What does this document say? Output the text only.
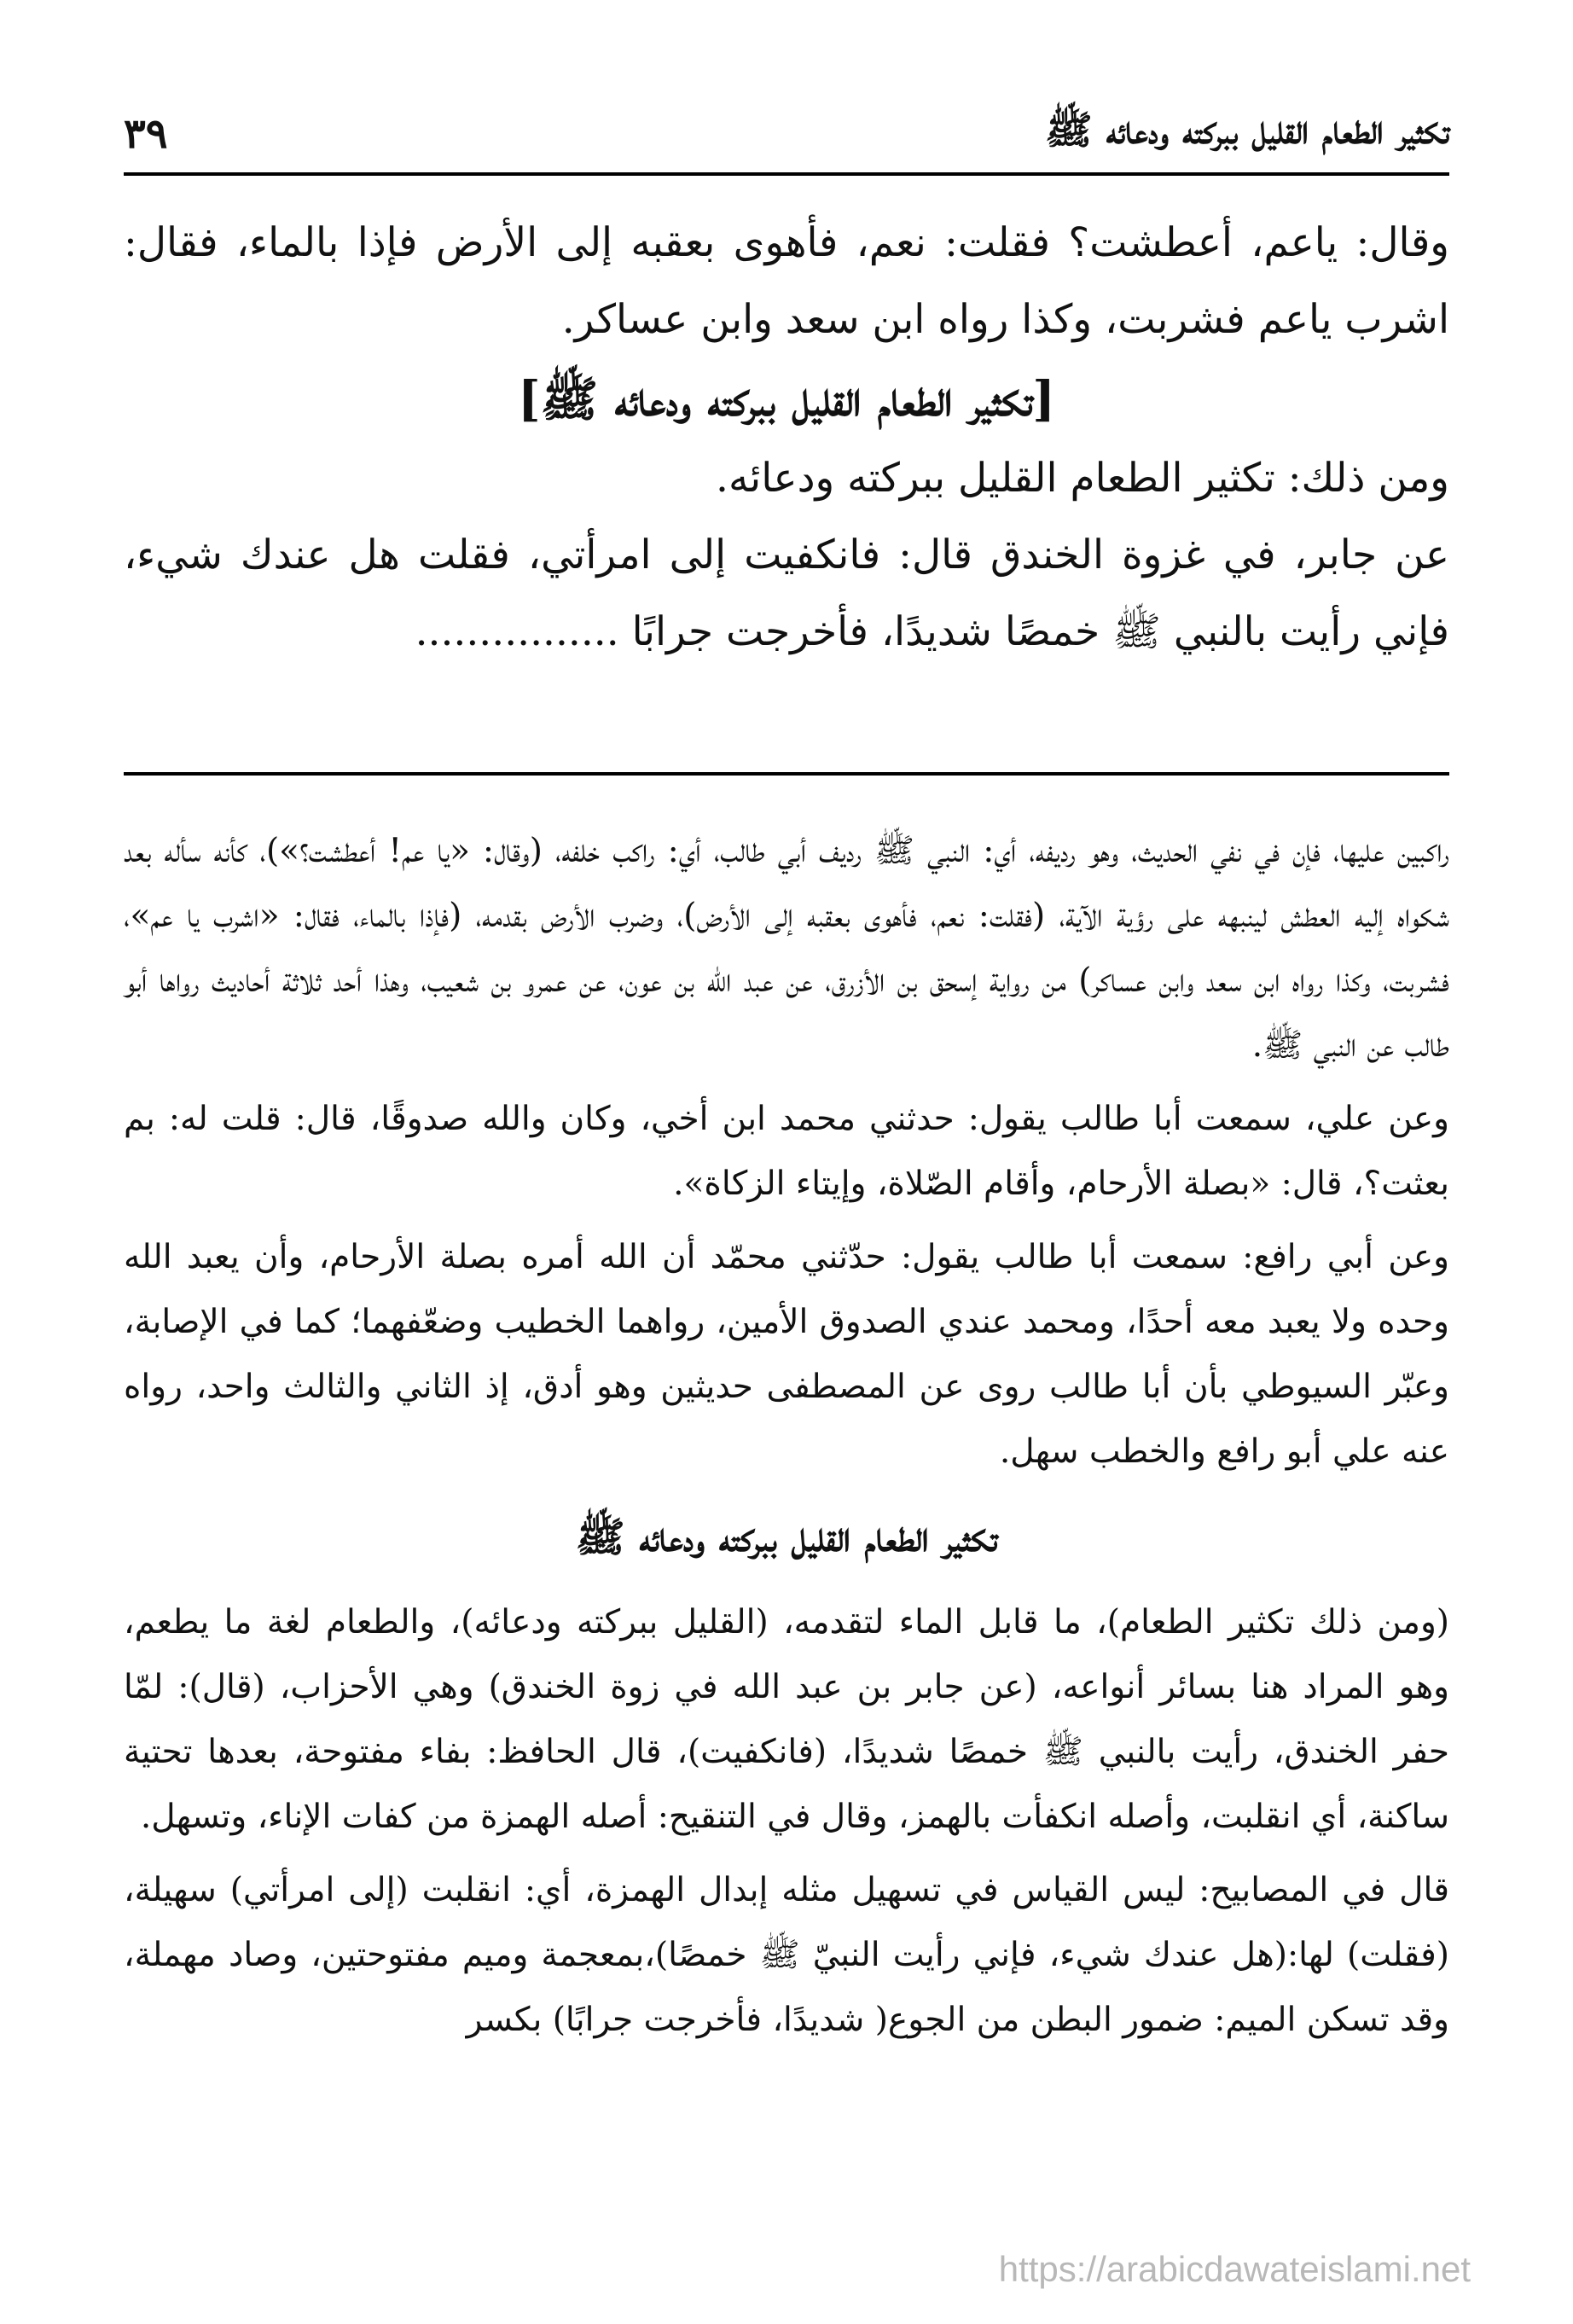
تكثير الطعام القليل ببركته ودعائه ﷺ
٣٩

وقال: ياعم، أعطشت؟ فقلت: نعم، فأهوى بعقبه إلى الأرض فإذا بالماء، فقال: اشرب ياعم فشربت، وكذا رواه ابن سعد وابن عساكر.

[تكثير الطعام القليل ببركته ودعائه ﷺ]

ومن ذلك: تكثير الطعام القليل ببركته ودعائه.

عن جابر، في غزوة الخندق قال: فانكفيت إلى امرأتي، فقلت هل عندك شيء، فإني رأيت بالنبي ﷺ خمصًا شديدًا، فأخرجت جرابًا ................

راكبين عليها، فإن في نفي الحديث، وهو رديفه، أي: النبي ﷺ رديف أبي طالب، أي: راكب خلفه، (وقال: «يا عم! أعطشت؟»)، كأنه سأله بعد شكواه إليه العطش لينبهه على رؤية الآية، (فقلت: نعم، فأهوى بعقبه إلى الأرض)، وضرب الأرض بقدمه، (فإذا بالماء، فقال: «اشرب يا عم»، فشربت، وكذا رواه ابن سعد وابن عساكر) من رواية إسحق بن الأزرق، عن عبد الله بن عون، عن عمرو بن شعيب، وهذا أحد ثلاثة أحاديث رواها أبو طالب عن النبي ﷺ.

وعن علي، سمعت أبا طالب يقول: حدثني محمد ابن أخي، وكان والله صدوقًا، قال: قلت له: بم بعثت؟، قال: «بصلة الأرحام، وأقام الصّلاة، وإيتاء الزكاة».

وعن أبي رافع: سمعت أبا طالب يقول: حدّثني محمّد أن الله أمره بصلة الأرحام، وأن يعبد الله وحده ولا يعبد معه أحدًا، ومحمد عندي الصدوق الأمين، رواهما الخطيب وضعّفهما؛ كما في الإصابة، وعبّر السيوطي بأن أبا طالب روى عن المصطفى حديثين وهو أدق، إذ الثاني والثالث واحد، رواه عنه علي أبو رافع والخطب سهل.

تكثير الطعام القليل ببركته ودعائه ﷺ

(ومن ذلك تكثير الطعام)، ما قابل الماء لتقدمه، (القليل ببركته ودعائه)، والطعام لغة ما يطعم، وهو المراد هنا بسائر أنواعه، (عن جابر بن عبد الله في زوة الخندق) وهي الأحزاب، (قال): لمّا حفر الخندق، رأيت بالنبي ﷺ خمصًا شديدًا، (فانكفيت)، قال الحافظ: بفاء مفتوحة، بعدها تحتية ساكنة، أي انقلبت، وأصله انكفأت بالهمز، وقال في التنقيح: أصله الهمزة من كفات الإناء، وتسهل.

قال في المصابيح: ليس القياس في تسهيل مثله إبدال الهمزة، أي: انقلبت (إلى امرأتي) سهيلة،(فقلت) لها:(هل عندك شيء، فإني رأيت النبيّ ﷺ خمصًا)،بمعجمة وميم مفتوحتين، وصاد مهملة، وقد تسكن الميم: ضمور البطن من الجوع( شديدًا، فأخرجت جرابًا) بكسر

https://arabicdawateislami.net
